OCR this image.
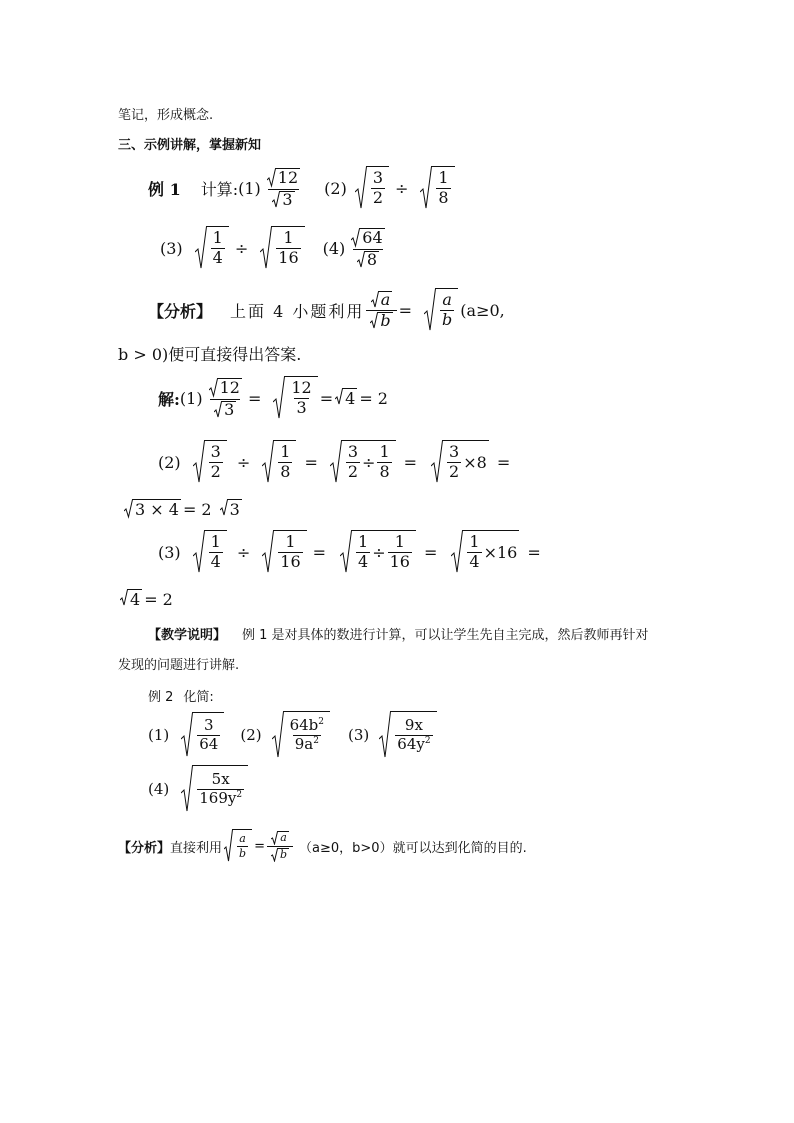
笔记，形成概念.
三、示例讲解，掌握新知
例 1 计算: $(1) \frac{12}{3} (2) \frac{3}{2} \div \frac{1}{8}$
$(3) \frac{1}{4} \div \frac{1}{16} (4) \frac{64}{8}$
【分析】 上面 4 小题利用 $\frac{a}{b} = \frac{a}{b} (a\ge 0$,
b > 0)便可直接得出答案.
解: $(1) \frac{12}{3} = \frac{12}{3} = 4 = 2$
$(2) \frac{3}{2} \div \frac{1}{8} = \frac{3}{2} \div \frac{1}{8} = \frac{3}{2} \times 8$ =
3 × 4 = 2 3
$(3) \frac{1}{4} \div \frac{1}{16} = \frac{1}{4} \div \frac{1}{16} = \frac{1}{4} \times 16$ =
4 = 2
【教学说明】 例 1 是对具体的数进行计算，可以让学生先自主完成，然后教师再针对
发现的问题进行讲解.
例 2 化简:
$(1) \frac{3}{64} (2) \frac{64b^2}{9a^2} (3) \frac{9x}{64y^2}$
$(4) \frac{5x}{169y^2}$
【分析】 直接利用 $\frac{a}{b} = \frac{a}{b} (a\ge 0$，b>0）就可以达到化简的目的.
